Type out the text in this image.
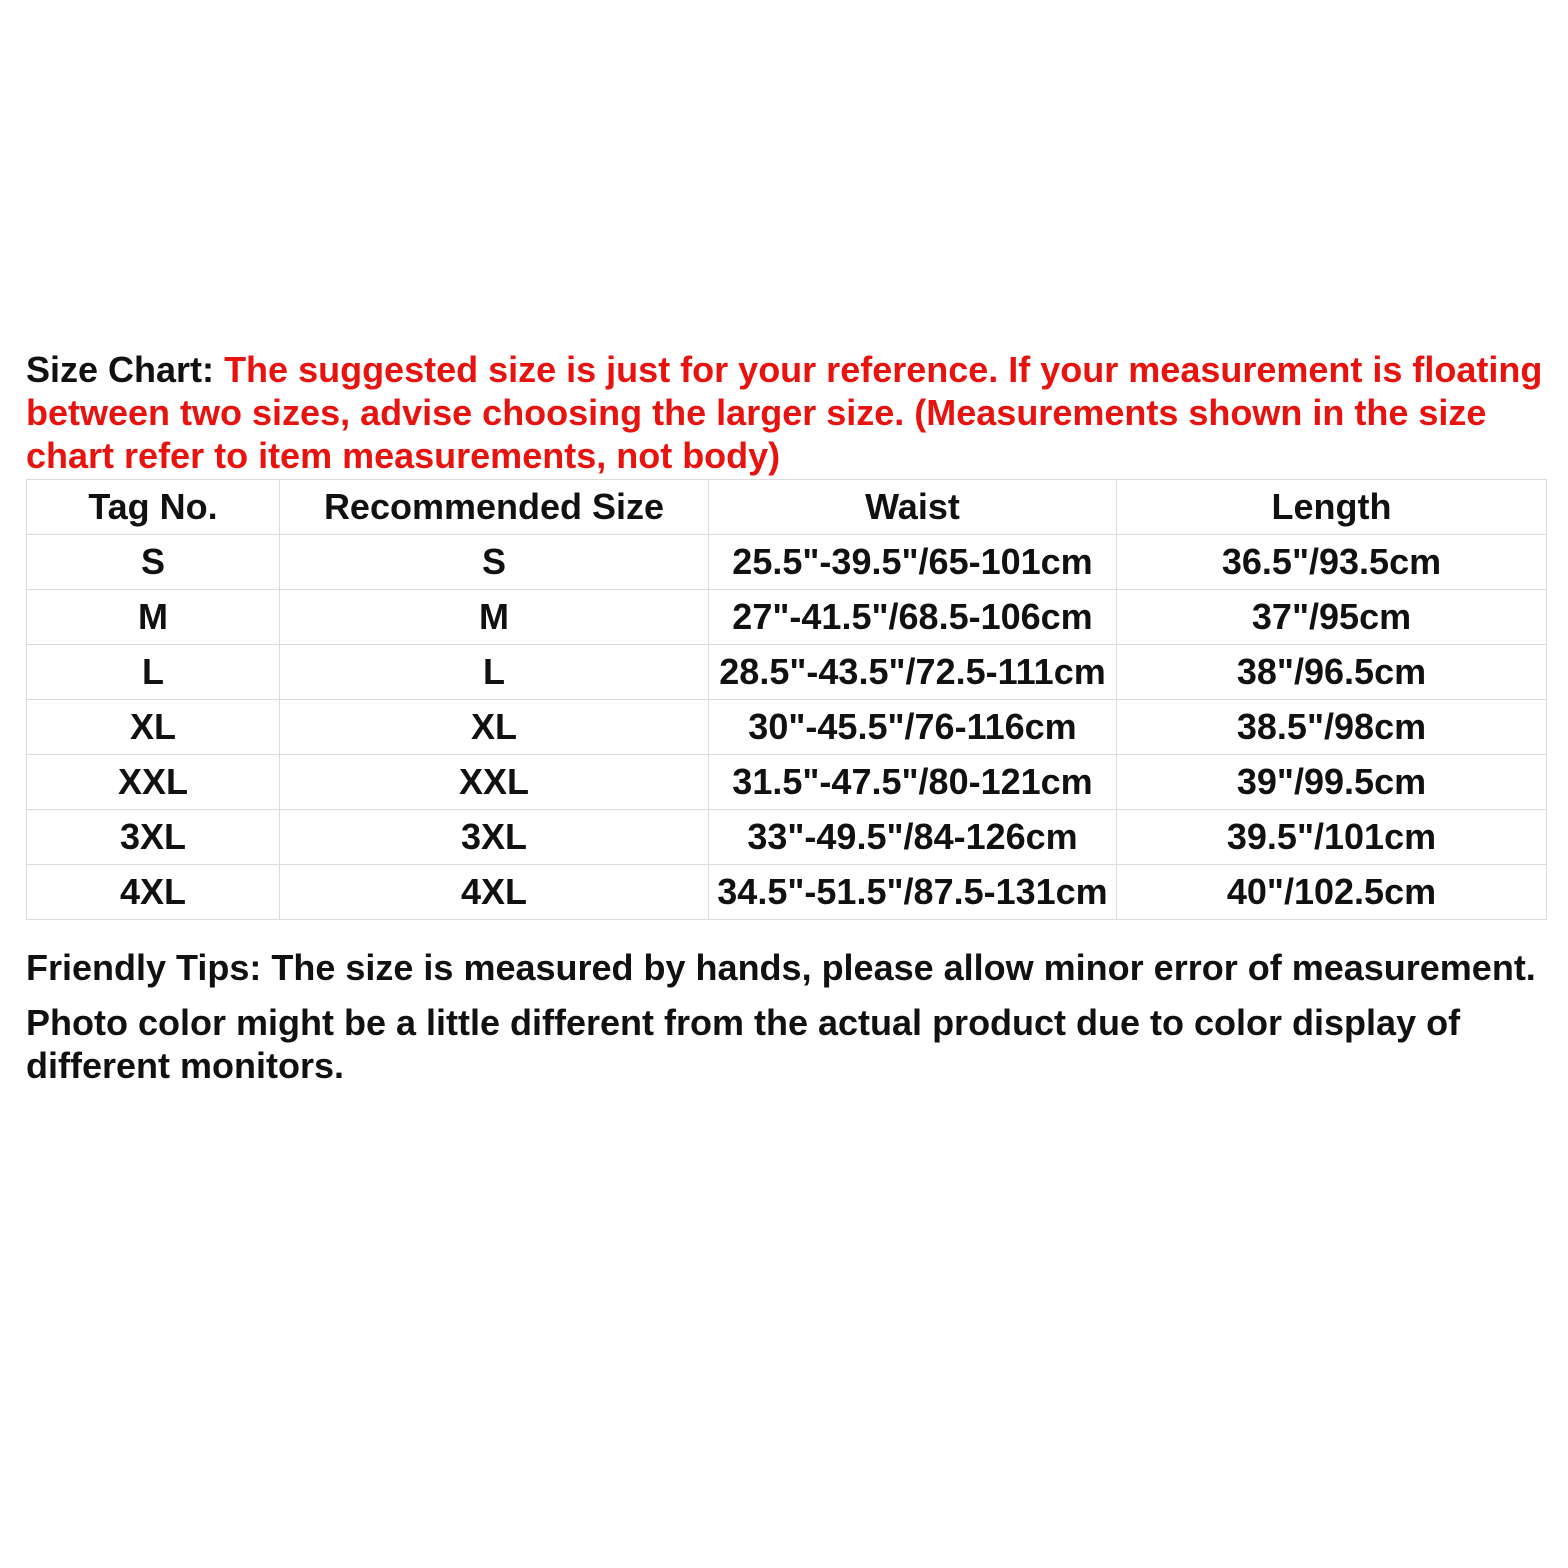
Size Chart: The suggested size is just for your reference. If your measurement is floating between two sizes, advise choosing the larger size. (Measurements shown in the size chart refer to item measurements, not body)

Tag No.	Recommended Size	Waist	Length
S	S	25.5"-39.5"/65-101cm	36.5"/93.5cm
M	M	27"-41.5"/68.5-106cm	37"/95cm
L	L	28.5"-43.5"/72.5-111cm	38"/96.5cm
XL	XL	30"-45.5"/76-116cm	38.5"/98cm
XXL	XXL	31.5"-47.5"/80-121cm	39"/99.5cm
3XL	3XL	33"-49.5"/84-126cm	39.5"/101cm
4XL	4XL	34.5"-51.5"/87.5-131cm	40"/102.5cm

Friendly Tips: The size is measured by hands, please allow minor error of measurement.

Photo color might be a little different from the actual product due to color display of different monitors.
